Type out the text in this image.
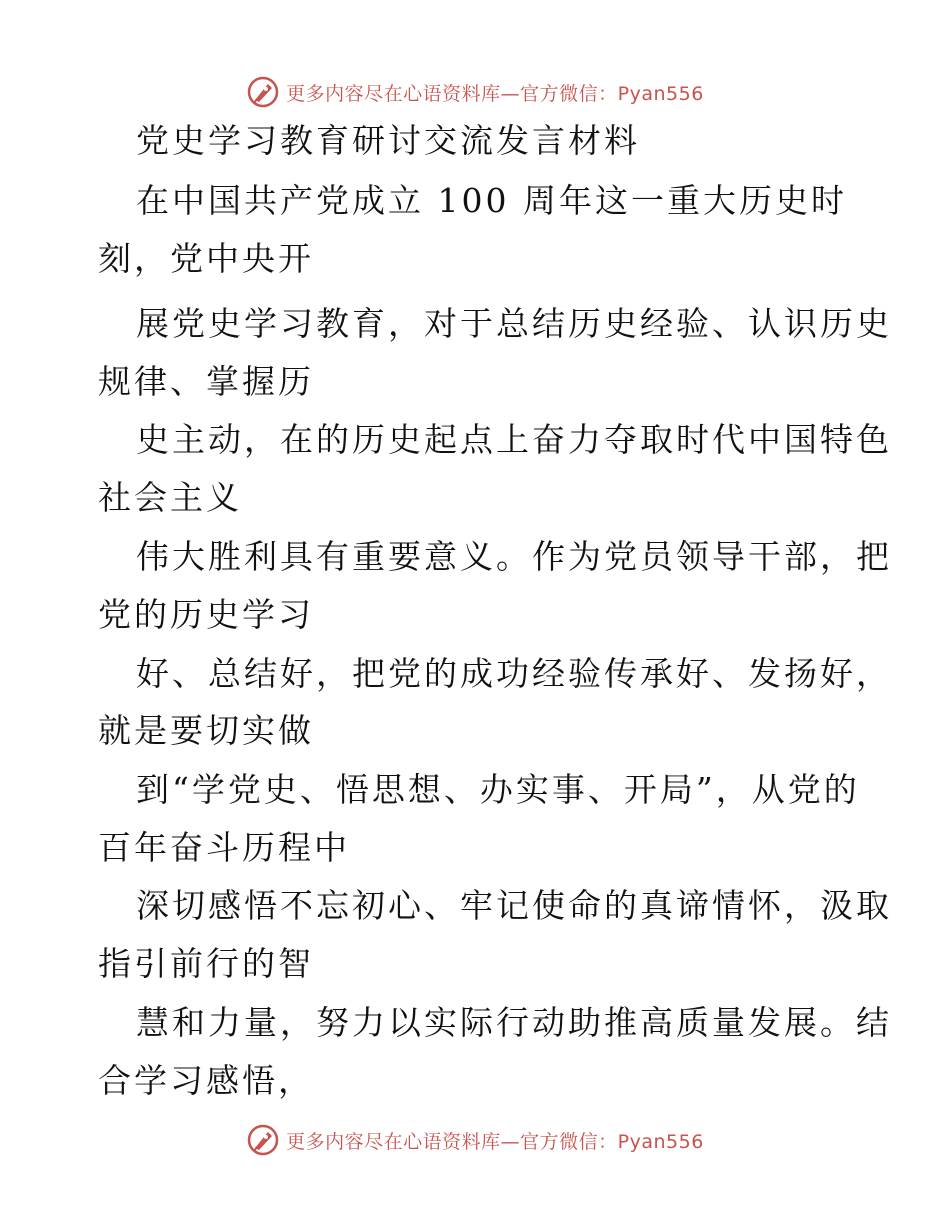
更多内容尽在心语资料库—官方微信：Pyan556
党史学习教育研讨交流发言材料
在中国共产党成立 100 周年这一重大历史时
刻，党中央开
展党史学习教育，对于总结历史经验、认识历史
规律、掌握历
史主动，在的历史起点上奋力夺取时代中国特色
社会主义
伟大胜利具有重要意义。作为党员领导干部，把
党的历史学习
好、总结好，把党的成功经验传承好、发扬好，
就是要切实做
到“学党史、悟思想、办实事、开局”，从党的
百年奋斗历程中
深切感悟不忘初心、牢记使命的真谛情怀，汲取
指引前行的智
慧和力量，努力以实际行动助推高质量发展。结
合学习感悟，
更多内容尽在心语资料库—官方微信：Pyan556
